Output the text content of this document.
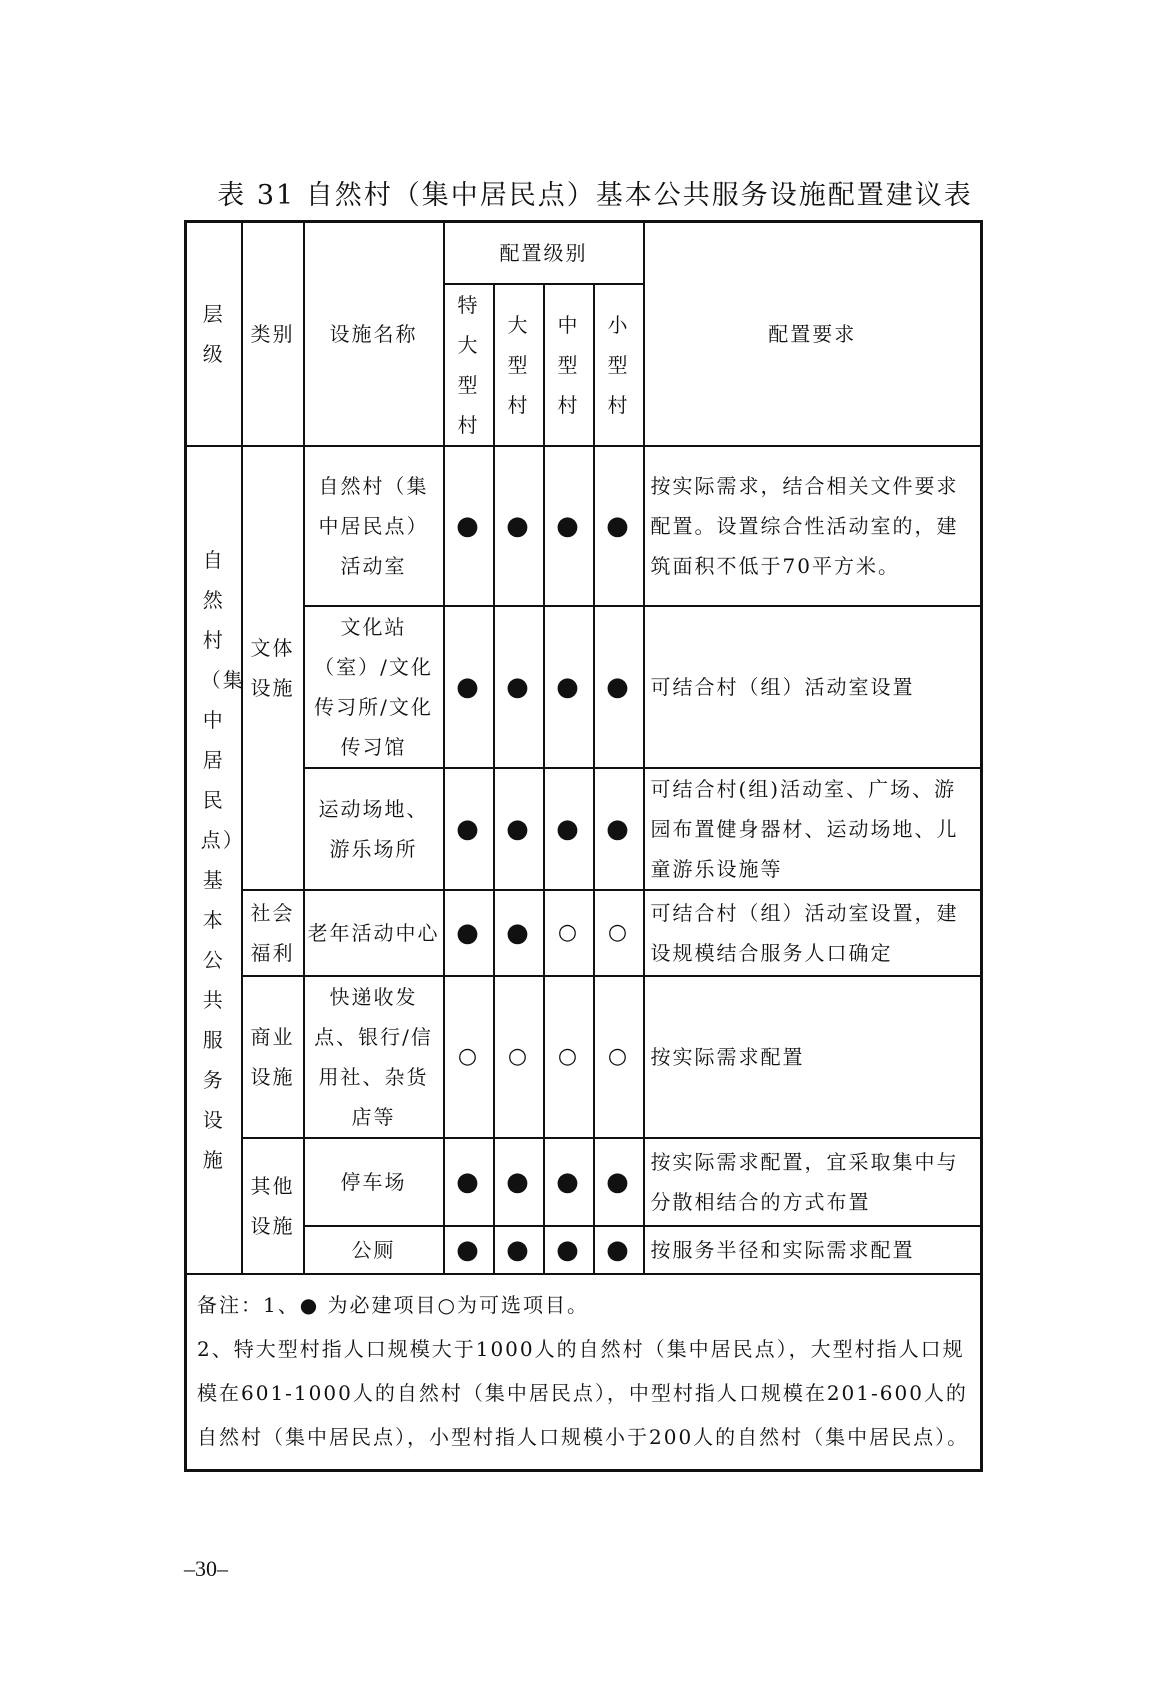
表 31 自然村（集中居民点）基本公共服务设施配置建议表
层级	类别	设施名称	配置级别				配置要求
			特大型村	大型村	中型村	小型村	
自然村（集中居民点）基本公共服务设施	文体设施	自然村（集中居民点）活动室	●	●	●	●	按实际需求，结合相关文件要求配置。设置综合性活动室的，建筑面积不低于70平方米。
		文化站（室）/文化传习所/文化传习馆	●	●	●	●	可结合村（组）活动室设置
		运动场地、游乐场所	●	●	●	●	可结合村(组)活动室、广场、游园布置健身器材、运动场地、儿童游乐设施等
	社会福利	老年活动中心	●	●	○	○	可结合村（组）活动室设置，建设规模结合服务人口确定
	商业设施	快递收发点、银行/信用社、杂货店等	○	○	○	○	按实际需求配置
	其他设施	停车场	●	●	●	●	按实际需求配置，宜采取集中与分散相结合的方式布置
		公厕	●	●	●	●	按服务半径和实际需求配置

备注：1、● 为必建项目○为可选项目。
2、特大型村指人口规模大于1000人的自然村（集中居民点），大型村指人口规模在601-1000人的自然村（集中居民点），中型村指人口规模在201-600人的自然村（集中居民点），小型村指人口规模小于200人的自然村（集中居民点）。							
–30–
